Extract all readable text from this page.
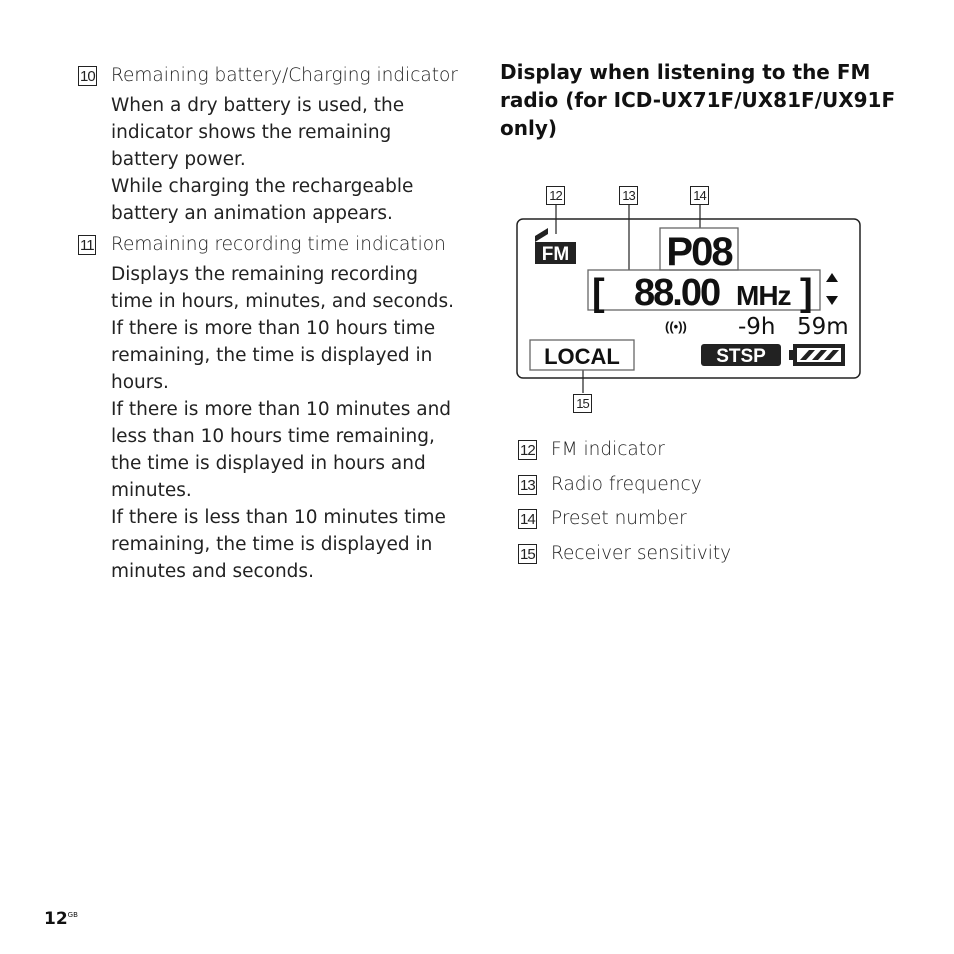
10 Remaining battery/Charging indicator

When a dry battery is used, the indicator shows the remaining battery power.

While charging the rechargeable battery an animation appears.

11 Remaining recording time indication

Displays the remaining recording time in hours, minutes, and seconds.

If there is more than 10 hours time remaining, the time is displayed in hours.

If there is more than 10 minutes and less than 10 hours time remaining, the time is displayed in hours and minutes.

If there is less than 10 minutes time remaining, the time is displayed in minutes and seconds.

Display when listening to the FM radio (for ICD-UX71F/UX81F/UX91F only)
12	13	14
15
FM P08
[ 88.00 MHz ]
((•)) -9h 59m
LOCAL	STSP
12 FM indicator
13 Radio frequency
14 Preset number
15 Receiver sensitivity
$12^{GB}$
